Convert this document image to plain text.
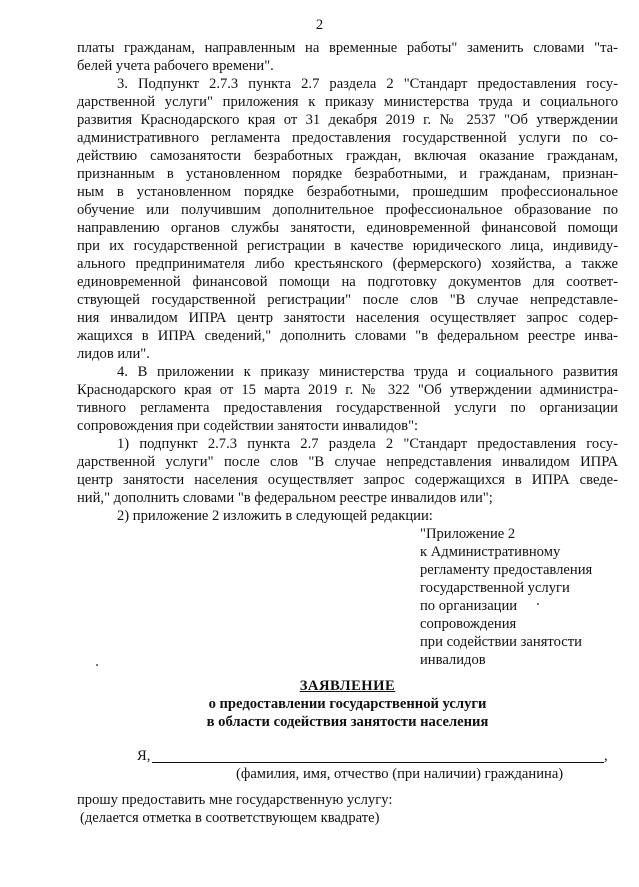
2
платы гражданам, направленным на временные работы" заменить словами "та-
белей учета рабочего времени".
3. Подпункт 2.7.3 пункта 2.7 раздела 2 "Стандарт предоставления госу-
дарственной услуги" приложения к приказу министерства труда и социального
развития Краснодарского края от 31 декабря 2019 г. № 2537 "Об утверждении
административного регламента предоставления государственной услуги по со-
действию самозанятости безработных граждан, включая оказание гражданам,
признанным в установленном порядке безработными, и гражданам, признан-
ным в установленном порядке безработными, прошедшим профессиональное
обучение или получившим дополнительное профессиональное образование по
направлению органов службы занятости, единовременной финансовой помощи
при их государственной регистрации в качестве юридического лица, индивиду-
ального предпринимателя либо крестьянского (фермерского) хозяйства, а также
единовременной финансовой помощи на подготовку документов для соответ-
ствующей государственной регистрации" после слов "В случае непредставле-
ния инвалидом ИПРА центр занятости населения осуществляет запрос содер-
жащихся в ИПРА сведений," дополнить словами "в федеральном реестре инва-
лидов или".
4. В приложении к приказу министерства труда и социального развития
Краснодарского края от 15 марта 2019 г. № 322 "Об утверждении администра-
тивного регламента предоставления государственной услуги по организации
сопровождения при содействии занятости инвалидов":
1) подпункт 2.7.3 пункта 2.7 раздела 2 "Стандарт предоставления госу-
дарственной услуги" после слов "В случае непредставления инвалидом ИПРА
центр занятости населения осуществляет запрос содержащихся в ИПРА сведе-
ний," дополнить словами "в федеральном реестре инвалидов или";
2) приложение 2 изложить в следующей редакции:
"Приложение 2
к Административному
регламенту предоставления
государственной услуги
по организации
сопровождения
при содействии занятости
инвалидов
ЗАЯВЛЕНИЕ
о предоставлении государственной услуги
в области содействия занятости населения
Я,	,
(фамилия, имя, отчество (при наличии) гражданина)
прошу предоставить мне государственную услугу:
(делается отметка в соответствующем квадрате)
